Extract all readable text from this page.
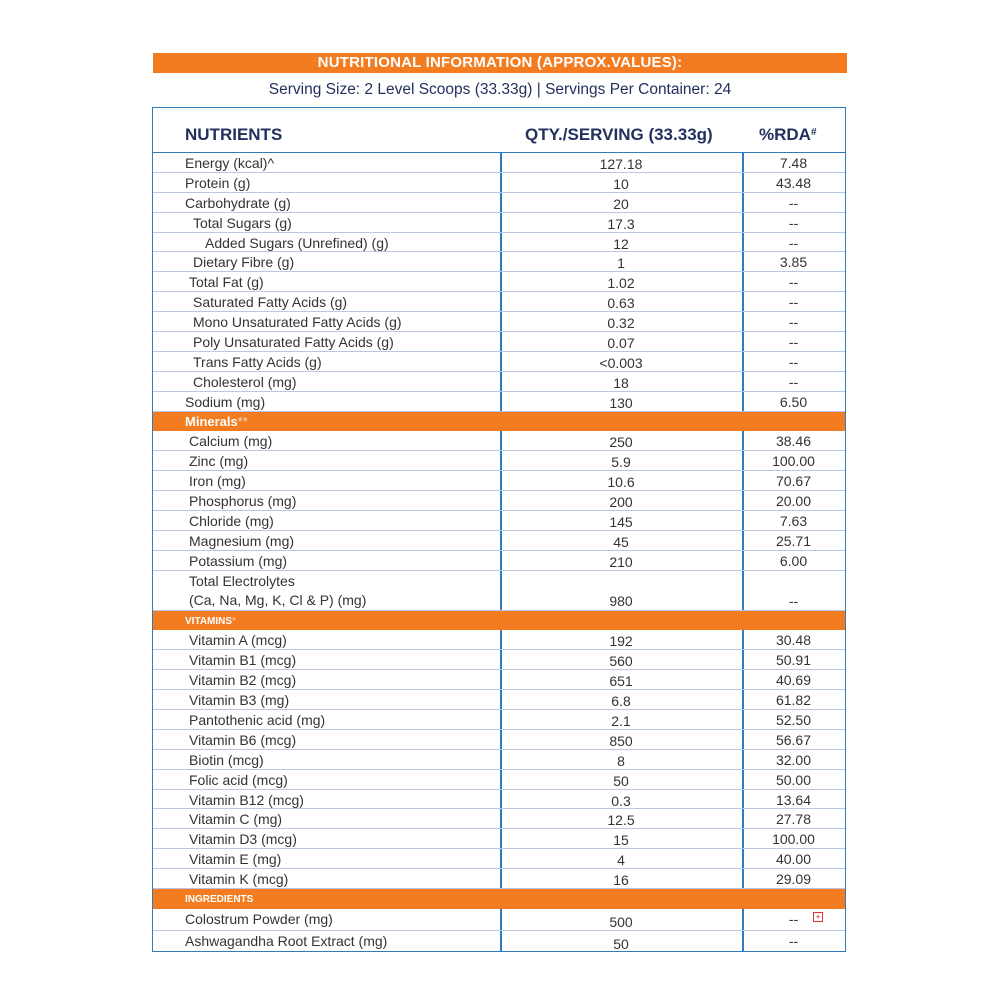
NUTRITIONAL INFORMATION (APPROX.VALUES):
Serving Size: 2 Level Scoops (33.33g) | Servings Per Container: 24
NUTRIENTS	QTY./SERVING (33.33g)	%RDA#
Energy (kcal)^	127.18	7.48
Protein (g)	10	43.48
Carbohydrate (g)	20	--
Total Sugars (g)	17.3	--
Added Sugars (Unrefined) (g)	12	--
Dietary Fibre (g)	1	3.85
Total Fat (g)	1.02	--
Saturated Fatty Acids (g)	0.63	--
Mono Unsaturated Fatty Acids (g)	0.32	--
Poly Unsaturated Fatty Acids (g)	0.07	--
Trans Fatty Acids (g)	<0.003	--
Cholesterol (mg)	18	--
Sodium (mg)	130	6.50
Minerals**
Calcium (mg)	250	38.46
Zinc (mg)	5.9	100.00
Iron (mg)	10.6	70.67
Phosphorus (mg)	200	20.00
Chloride (mg)	145	7.63
Magnesium (mg)	45	25.71
Potassium (mg)	210	6.00
Total Electrolytes
(Ca, Na, Mg, K, Cl & P) (mg)	980	--
VITAMINS*
Vitamin A (mcg)	192	30.48
Vitamin B1 (mcg)	560	50.91
Vitamin B2 (mcg)	651	40.69
Vitamin B3 (mg)	6.8	61.82
Pantothenic acid (mg)	2.1	52.50
Vitamin B6 (mcg)	850	56.67
Biotin (mcg)	8	32.00
Folic acid (mcg)	50	50.00
Vitamin B12 (mcg)	0.3	13.64
Vitamin C (mg)	12.5	27.78
Vitamin D3 (mcg)	15	100.00
Vitamin E (mg)	4	40.00
Vitamin K (mcg)	16	29.09
INGREDIENTS
Colostrum Powder (mg)	500	--	+
Ashwagandha Root Extract (mg)	50	--
